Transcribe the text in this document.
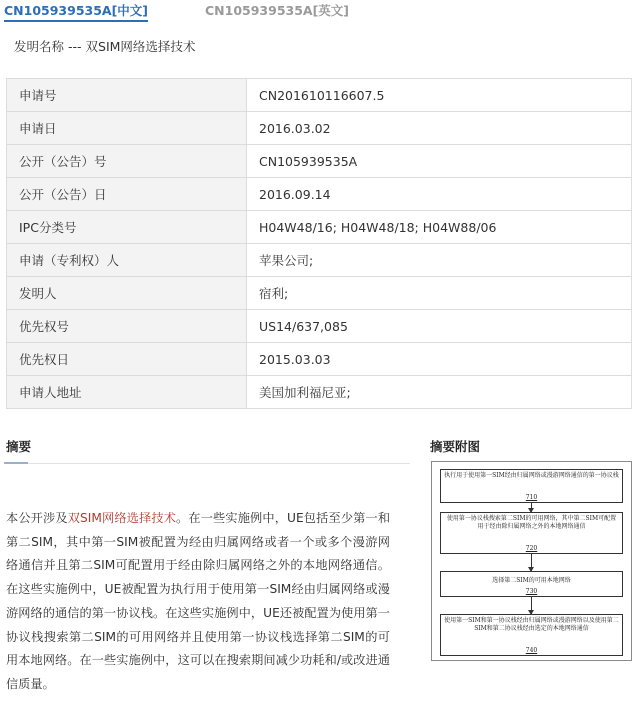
CN105939535A[中文]	CN105939535A[英文]
发明名称 --- 双SIM网络选择技术
申请号	CN201610116607.5
申请日	2016.03.02
公开（公告）号	CN105939535A
公开（公告）日	2016.09.14
IPC分类号	H04W48/16; H04W48/18; H04W88/06
申请（专利权）人	苹果公司;
发明人	宿利;
优先权号	US14/637,085
优先权日	2015.03.03
申请人地址	美国加利福尼亚;
摘要	摘要附图
本公开涉及双SIM网络选择技术。在一些实施例中，UE包括至少第一和第二SIM，其中第一SIM被配置为经由归属网络或者一个或多个漫游网络通信并且第二SIM可配置用于经由除归属网络之外的本地网络通信。在这些实施例中，UE被配置为执行用于使用第一SIM经由归属网络或漫游网络的通信的第一协议栈。在这些实施例中，UE还被配置为使用第一协议栈搜索第二SIM的可用网络并且使用第一协议栈选择第二SIM的可用本地网络。在一些实施例中，这可以在搜索期间减少功耗和/或改进通信质量。
执行用于使用第一SIM经由归属网络或漫游网络通信的第一协议栈
710
使用第一协议栈搜索第二SIM的可用网络，其中第二SIM可配置用于经由除归属网络之外的本地网络通信
720
选择第二SIM的可用本地网络
730
使用第一SIM和第一协议栈经由归属网络或漫游网络以及使用第二SIM和第二协议栈经由选定的本地网络通信
740
